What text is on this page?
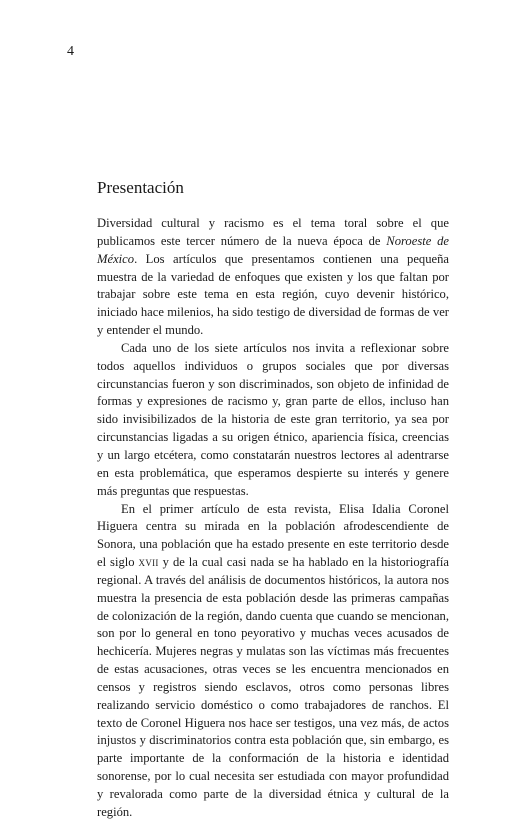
4
Presentación

Diversidad cultural y racismo es el tema toral sobre el que publicamos este tercer número de la nueva época de Noroeste de México. Los artículos que presentamos contienen una pequeña muestra de la variedad de enfoques que existen y los que faltan por trabajar sobre este tema en esta región, cuyo devenir histórico, iniciado hace milenios, ha sido testigo de diversidad de formas de ver y entender el mundo.

Cada uno de los siete artículos nos invita a reflexionar sobre todos aquellos individuos o grupos sociales que por diversas circunstancias fueron y son discriminados, son objeto de infinidad de formas y expresiones de racismo y, gran parte de ellos, incluso han sido invisibilizados de la historia de este gran territorio, ya sea por circunstancias ligadas a su origen étnico, apariencia física, creencias y un largo etcétera, como constatarán nuestros lectores al adentrarse en esta problemática, que esperamos despierte su interés y genere más preguntas que respuestas.

En el primer artículo de esta revista, Elisa Idalia Coronel Higuera centra su mirada en la población afrodescendiente de Sonora, una población que ha estado presente en este territorio desde el siglo xvii y de la cual casi nada se ha hablado en la historiografía regional. A través del análisis de documentos históricos, la autora nos muestra la presencia de esta población desde las primeras campañas de colonización de la región, dando cuenta que cuando se mencionan, son por lo general en tono peyorativo y muchas veces acusados de hechicería. Mujeres negras y mulatas son las víctimas más frecuentes de estas acusaciones, otras veces se les encuentra mencionados en censos y registros siendo esclavos, otros como personas libres realizando servicio doméstico o como trabajadores de ranchos. El texto de Coronel Higuera nos hace ser testigos, una vez más, de actos injustos y discriminatorios contra esta población que, sin embargo, es parte importante de la conformación de la historia e identidad sonorense, por lo cual necesita ser estudiada con mayor profundidad y revalorada como parte de la diversidad étnica y cultural de la región.
